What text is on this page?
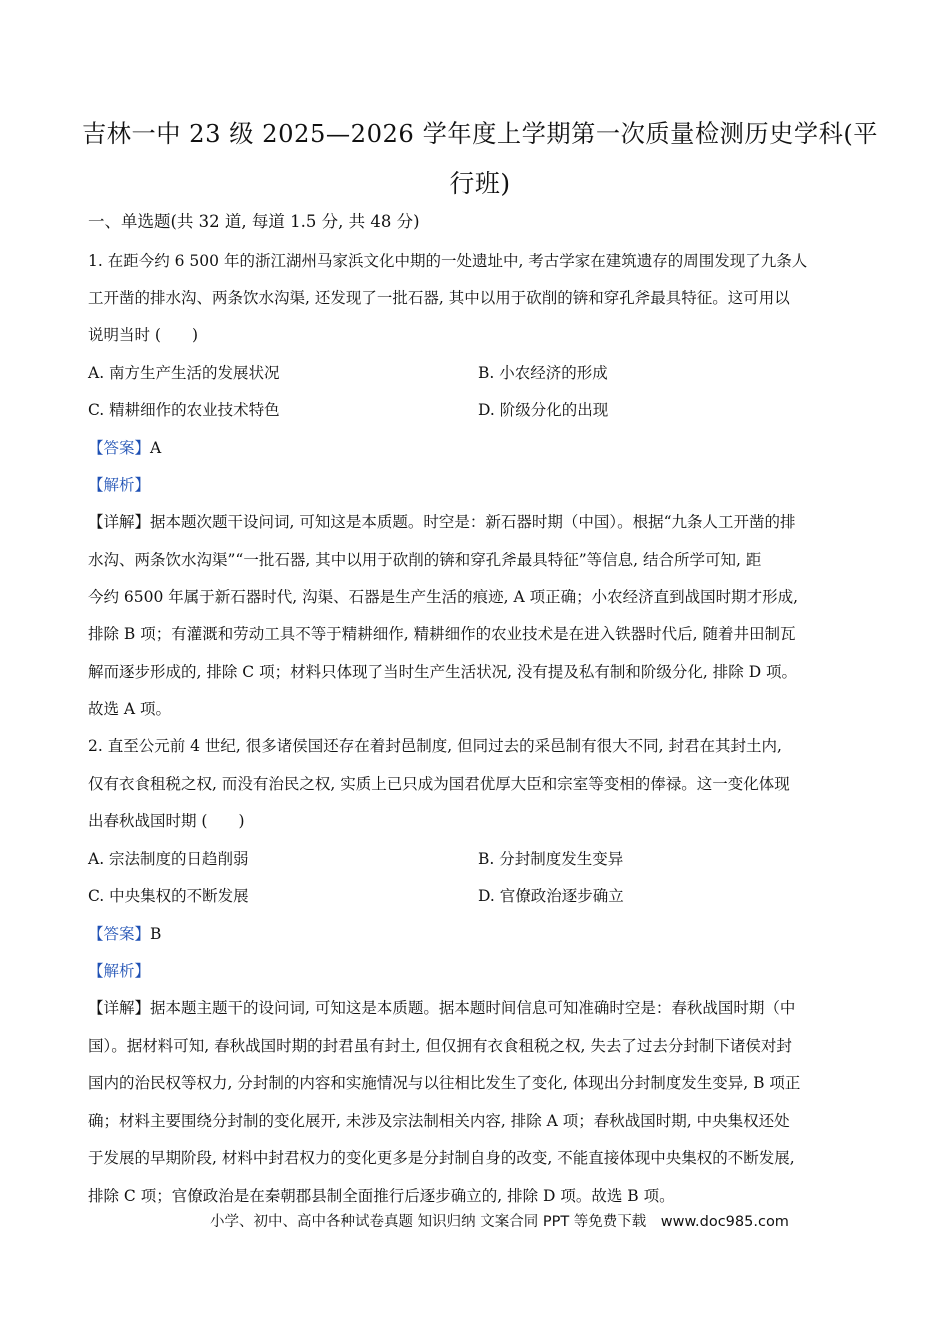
吉林一中 23 级 2025—2026 学年度上学期第一次质量检测历史学科(平
行班)
一、单选题(共 32 道, 每道 1.5 分, 共 48 分)
1. 在距今约 6 500 年的浙江湖州马家浜文化中期的一处遗址中, 考古学家在建筑遗存的周围发现了九条人
工开凿的排水沟、两条饮水沟渠, 还发现了一批石器, 其中以用于砍削的锛和穿孔斧最具特征。这可用以
说明当时 (　　)
A. 南方生产生活的发展状况	B. 小农经济的形成
C. 精耕细作的农业技术特色	D. 阶级分化的出现
【答案】A
【解析】
【详解】据本题次题干设问词, 可知这是本质题。时空是：新石器时期（中国）。根据“九条人工开凿的排
水沟、两条饮水沟渠”“一批石器, 其中以用于砍削的锛和穿孔斧最具特征”等信息, 结合所学可知, 距
今约 6500 年属于新石器时代, 沟渠、石器是生产生活的痕迹, A 项正确；小农经济直到战国时期才形成,
排除 B 项；有灌溉和劳动工具不等于精耕细作, 精耕细作的农业技术是在进入铁器时代后, 随着井田制瓦
解而逐步形成的, 排除 C 项；材料只体现了当时生产生活状况, 没有提及私有制和阶级分化, 排除 D 项。
故选 A 项。
2. 直至公元前 4 世纪, 很多诸侯国还存在着封邑制度, 但同过去的采邑制有很大不同, 封君在其封土内,
仅有衣食租税之权, 而没有治民之权, 实质上已只成为国君优厚大臣和宗室等变相的俸禄。这一变化体现
出春秋战国时期 (　　)
A. 宗法制度的日趋削弱	B. 分封制度发生变异
C. 中央集权的不断发展	D. 官僚政治逐步确立
【答案】B
【解析】
【详解】据本题主题干的设问词, 可知这是本质题。据本题时间信息可知准确时空是：春秋战国时期（中
国）。据材料可知, 春秋战国时期的封君虽有封土, 但仅拥有衣食租税之权, 失去了过去分封制下诸侯对封
国内的治民权等权力, 分封制的内容和实施情况与以往相比发生了变化, 体现出分封制度发生变异, B 项正
确；材料主要围绕分封制的变化展开, 未涉及宗法制相关内容, 排除 A 项；春秋战国时期, 中央集权还处
于发展的早期阶段, 材料中封君权力的变化更多是分封制自身的改变, 不能直接体现中央集权的不断发展,
排除 C 项；官僚政治是在秦朝郡县制全面推行后逐步确立的, 排除 D 项。故选 B 项。
小学、初中、高中各种试卷真题 知识归纳 文案合同 PPT 等免费下载　www.doc985.com
